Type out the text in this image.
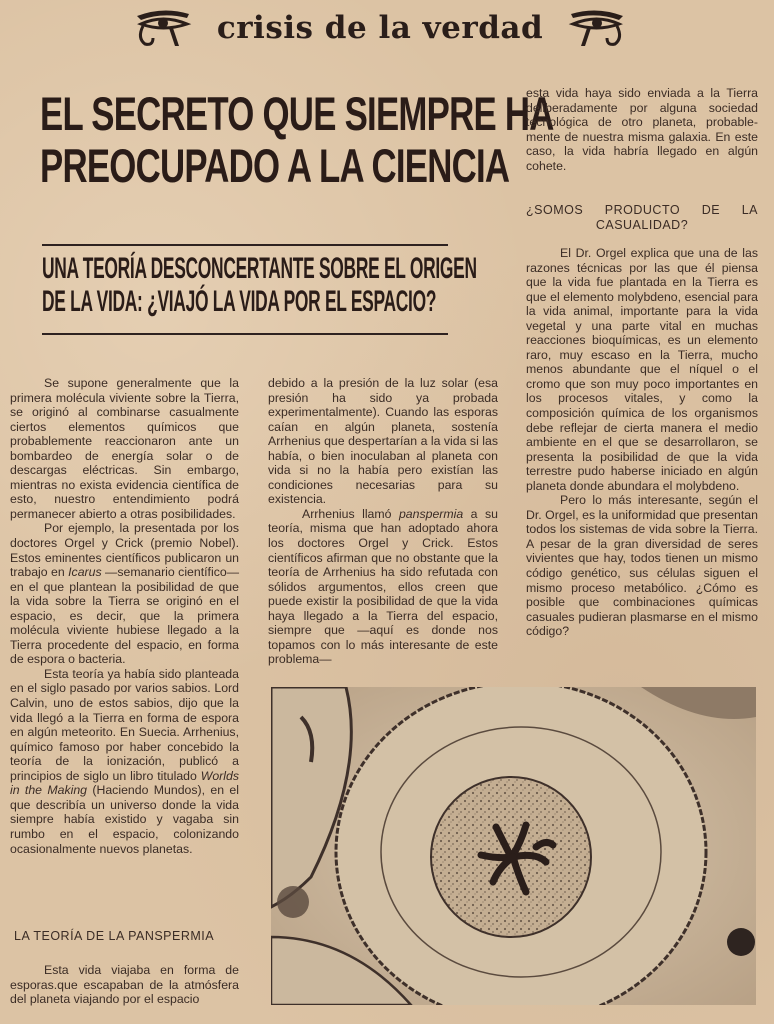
crisis de la verdad
EL SECRETO QUE SIEMPRE HA
PREOCUPADO A LA CIENCIA
UNA TEORÍA DESCONCERTANTE SOBRE EL ORIGEN
DE LA VIDA: ¿VIAJÓ LA VIDA POR EL ESPACIO?

Se supone generalmente que la primera molécula viviente sobre la Tierra, se originó al combinarse casualmente ciertos elementos químicos que probablemente reaccionaron ante un bombardeo de energía solar o de descargas eléctricas. Sin embargo, mientras no exista evidencia científica de esto, nuestro entendimiento podrá permanecer abierto a otras posibilidades.

Por ejemplo, la presentada por los doctores Orgel y Crick (premio Nobel). Estos eminentes científicos publicaron un trabajo en Icarus —semanario científico— en el que plantean la posibilidad de que la vida sobre la Tierra se originó en el espacio, es decir, que la primera molécula viviente hubiese llegado a la Tierra procedente del espacio, en forma de espora o bacteria.

Esta teoría ya había sido planteada en el siglo pasado por varios sabios. Lord Calvin, uno de estos sabios, dijo que la vida llegó a la Tierra en forma de espora en algún meteorito. En Suecia. Arrhenius, químico famoso por haber concebido la teoría de la ionización, publicó a principios de siglo un libro titulado Worlds in the Making (Haciendo Mundos), en el que describía un universo donde la vida siempre había existido y vagaba sin rumbo en el espacio, colonizando ocasionalmente nuevos planetas.

LA TEORÍA DE LA PANSPERMIA

Esta vida viajaba en forma de esporas.que escapaban de la atmósfera del planeta viajando por el espacio

debido a la presión de la luz solar (esa presión ha sido ya probada experimentalmente). Cuando las esporas caían en algún planeta, sostenía Arrhenius que despertarían a la vida si las había, o bien inoculaban al planeta con vida si no la había pero existían las condiciones necesarias para su existencia.

Arrhenius llamó panspermia a su teoría, misma que han adoptado ahora los doctores Orgel y Crick. Estos científicos afirman que no obstante que la teoría de Arrhenius ha sido refutada con sólidos argumentos, ellos creen que puede existir la posibilidad de que la vida haya llegado a la Tierra del espacio, siempre que —aquí es donde nos topamos con lo más interesante de este problema—

esta vida haya sido enviada a la Tierra deliberadamente por alguna sociedad tecnológica de otro planeta, probablemente de nuestra misma galaxia. En este caso, la vida habría llegado en algún cohete.

¿SOMOS PRODUCTO DE LA
CASUALIDAD?

El Dr. Orgel explica que una de las razones técnicas por las que él piensa que la vida fue plantada en la Tierra es que el elemento molybdeno, esencial para la vida animal, importante para la vida vegetal y una parte vital en muchas reacciones bioquímicas, es un elemento raro, muy escaso en la Tierra, mucho menos abundante que el níquel o el cromo que son muy poco importantes en los procesos vitales, y como la composición química de los organismos debe reflejar de cierta manera el medio ambiente en el que se desarrollaron, se presenta la posibilidad de que la vida terrestre pudo haberse iniciado en algún planeta donde abundara el molybdeno.

Pero lo más interesante, según el Dr. Orgel, es la uniformidad que presentan todos los sistemas de vida sobre la Tierra. A pesar de la gran diversidad de seres vivientes que hay, todos tienen un mismo código genético, sus células siguen el mismo proceso metabólico. ¿Cómo es posible que combinaciones químicas casuales pudieran plasmarse en el mismo código?
